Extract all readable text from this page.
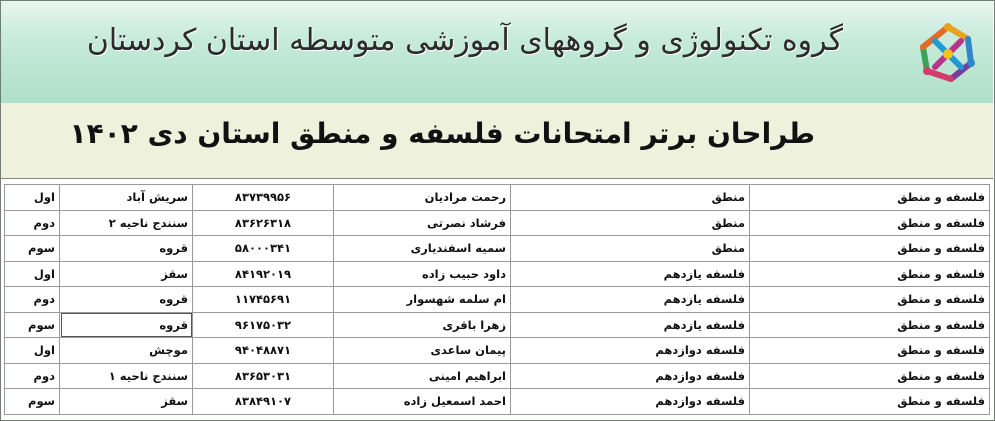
گروه تکنولوژی و گروههای آموزشی متوسطه استان کردستان
طراحان برتر امتحانات فلسفه و منطق استان دی ۱۴۰۲
اول	سریش آباد	۸۳۷۳۹۹۵۶	رحمت مرادیان	منطق	فلسفه و منطق
دوم	سنندج ناحیه ۲	۸۳۶۲۶۳۱۸	فرشاد نصرتی	منطق	فلسفه و منطق
سوم	قروه	۵۸۰۰۰۳۴۱	سمیه اسفندیاری	منطق	فلسفه و منطق
اول	سقز	۸۴۱۹۲۰۱۹	داود حبیب زاده	فلسفه یازدهم	فلسفه و منطق
دوم	قروه	۱۱۷۴۵۶۹۱	ام سلمه شهسوار	فلسفه یازدهم	فلسفه و منطق
سوم	قروه	۹۶۱۷۵۰۳۲	زهرا باقری	فلسفه یازدهم	فلسفه و منطق
اول	موچش	۹۴۰۴۸۸۷۱	پیمان ساعدی	فلسفه دوازدهم	فلسفه و منطق
دوم	سنندج ناحیه ۱	۸۳۶۵۳۰۳۱	ابراهیم امینی	فلسفه دوازدهم	فلسفه و منطق
سوم	سقز	۸۳۸۴۹۱۰۷	احمد اسمعیل زاده	فلسفه دوازدهم	فلسفه و منطق
